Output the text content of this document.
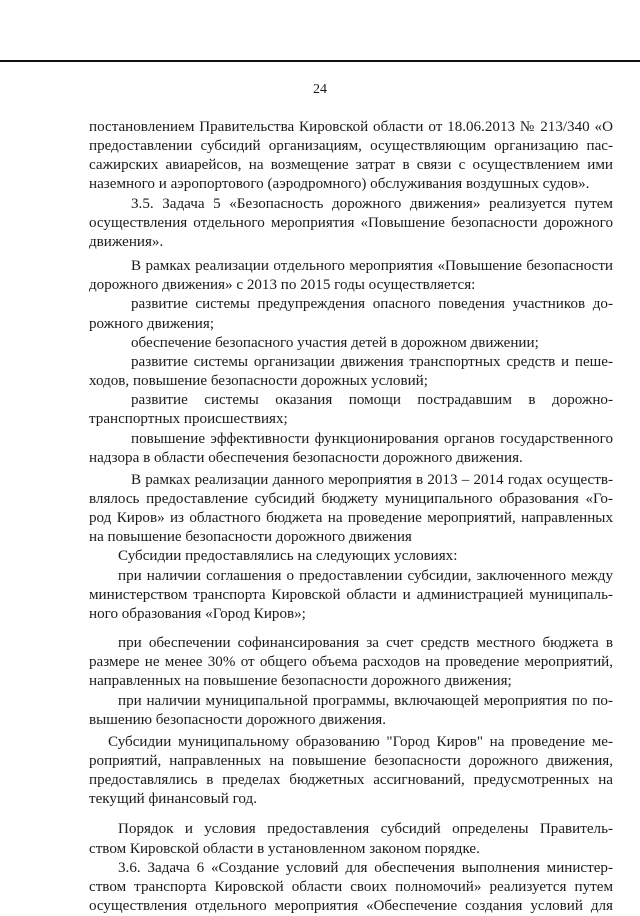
24
постановлением Правительства Кировской области от 18.06.2013 № 213/340 «О
предоставлении субсидий организациям, осуществляющим организацию пас-
сажирских авиарейсов, на возмещение затрат в связи с осуществлением ими
наземного и аэропортового (аэродромного) обслуживания воздушных судов».
3.5. Задача 5 «Безопасность дорожного движения» реализуется путем
осуществления отдельного мероприятия «Повышение безопасности дорожного
движения».
В рамках реализации отдельного мероприятия «Повышение безопасности
дорожного движения» с 2013 по 2015 годы осуществляется:
развитие системы предупреждения опасного поведения участников до-
рожного движения;
обеспечение безопасного участия детей в дорожном движении;
развитие системы организации движения транспортных средств и пеше-
ходов, повышение безопасности дорожных условий;
развитие системы оказания помощи пострадавшим в дорожно-
транспортных происшествиях;
повышение эффективности функционирования органов государственного
надзора в области обеспечения безопасности дорожного движения.
В рамках реализации данного мероприятия в 2013 – 2014 годах осуществ-
влялось предоставление субсидий бюджету муниципального образования «Го-
род Киров» из областного бюджета на проведение мероприятий, направленных
на повышение безопасности дорожного движения
Субсидии предоставлялись на следующих условиях:
при наличии соглашения о предоставлении субсидии, заключенного между
министерством транспорта Кировской области и администрацией муниципаль-
ного образования «Город Киров»;
при обеспечении софинансирования за счет средств местного бюджета в
размере не менее 30% от общего объема расходов на проведение мероприятий,
направленных на повышение безопасности дорожного движения;
при наличии муниципальной программы, включающей мероприятия по по-
вышению безопасности дорожного движения.
Субсидии муниципальному образованию "Город Киров" на проведение ме-
роприятий, направленных на повышение безопасности дорожного движения,
предоставлялись в пределах бюджетных ассигнований, предусмотренных на
текущий финансовый год.
Порядок и условия предоставления субсидий определены Правитель-
ством Кировской области в установленном законом порядке.
3.6. Задача 6 «Создание условий для обеспечения выполнения министер-
ством транспорта Кировской области своих полномочий» реализуется путем
осуществления отдельного мероприятия «Обеспечение создания условий для
